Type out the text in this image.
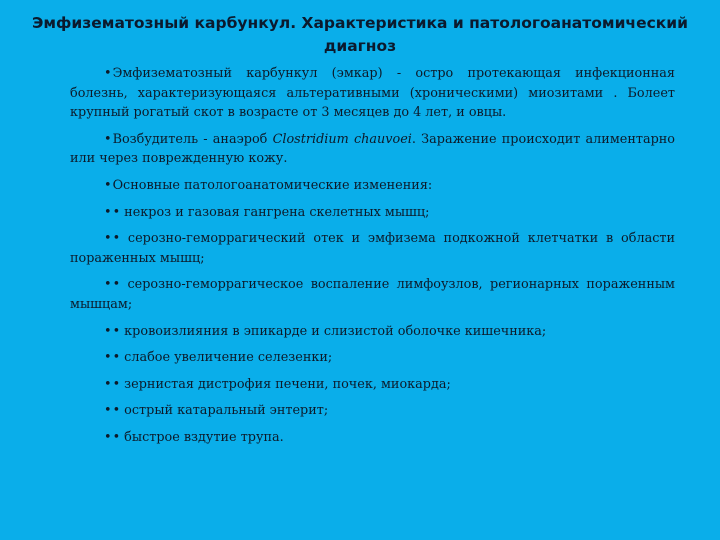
Эмфизематозный карбункул. Характеристика и патологоанатомический диагноз

•Эмфизематозный карбункул (эмкар) - остро протекающая инфекционная болезнь, характеризующаяся альтеративными (хроническими) миозитами . Болеет крупный рогатый скот в возрасте от 3 месяцев до 4 лет, и овцы.

•Возбудитель - анаэроб Clostridium chauvoei. Заражение происходит алиментарно или через поврежденную кожу.

•Основные патологоанатомические изменения:

•• некроз и газовая гангрена скелетных мышц;

•• серозно-геморрагический отек и эмфизема подкожной клетчатки в области пораженных мышц;

•• серозно-геморрагическое воспаление лимфоузлов, регионарных пораженным мышцам;

•• кровоизлияния в эпикарде и слизистой оболочке кишечника;

•• слабое увеличение селезенки;

•• зернистая дистрофия печени, почек, миокарда;

•• острый катаральный энтерит;

•• быстрое вздутие трупа.
